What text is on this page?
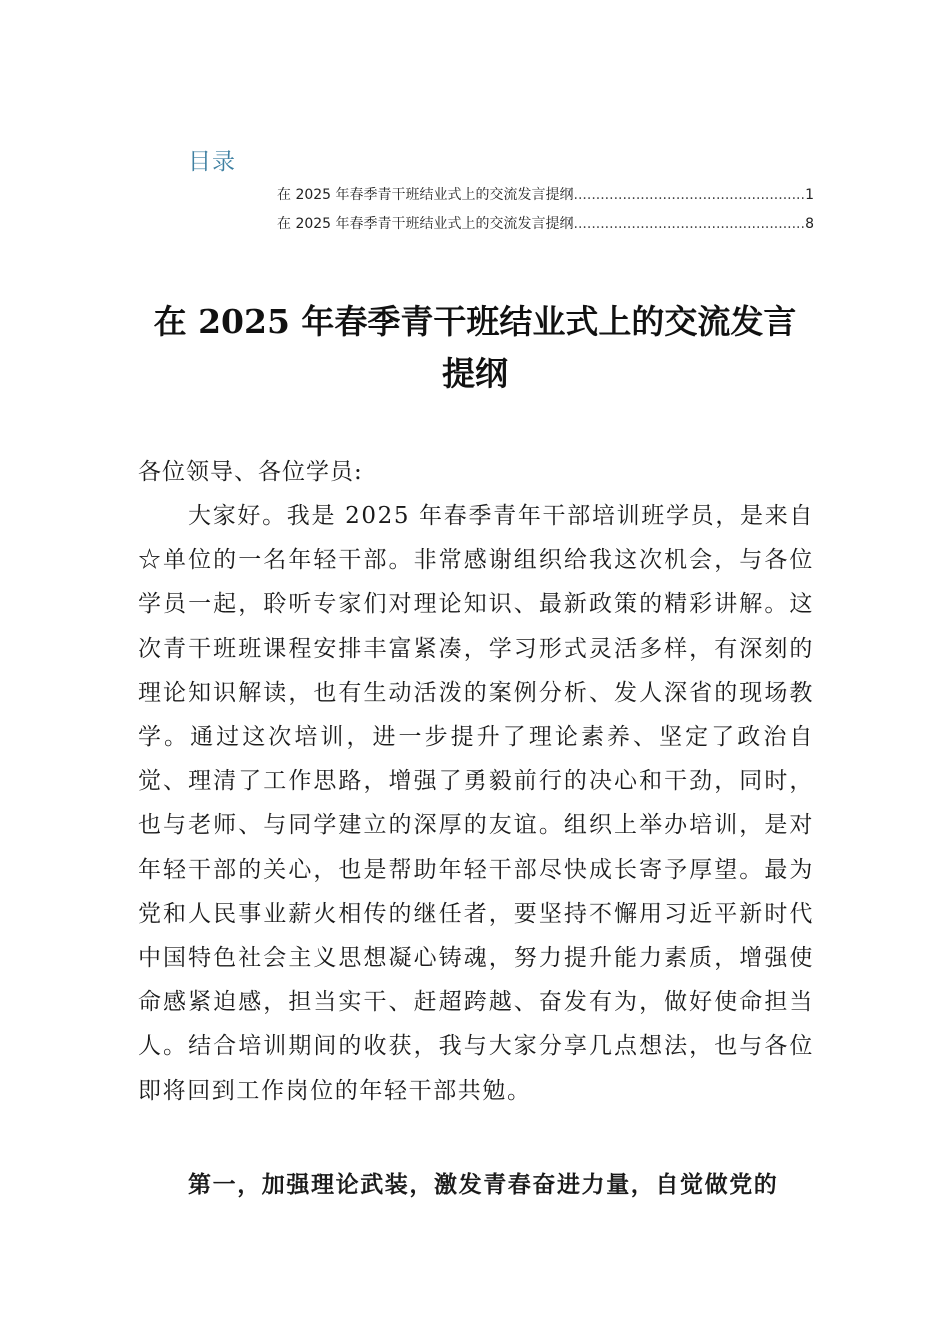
目录
在 2025 年春季青干班结业式上的交流发言提纲 .....	1
在 2025 年春季青干班结业式上的交流发言提纲 .....	8
在 2025 年春季青干班结业式上的交流发言提纲

各位领导、各位学员:

大家好。我是 2025 年春季青年干部培训班学员，是来自☆单位的一名年轻干部。非常感谢组织给我这次机会，与各位学员一起，聆听专家们对理论知识、最新政策的精彩讲解。这次青干班班课程安排丰富紧凑，学习形式灵活多样，有深刻的理论知识解读，也有生动活泼的案例分析、发人深省的现场教学。通过这次培训，进一步提升了理论素养、坚定了政治自觉、理清了工作思路，增强了勇毅前行的决心和干劲，同时，也与老师、与同学建立的深厚的友谊。组织上举办培训，是对年轻干部的关心，也是帮助年轻干部尽快成长寄予厚望。最为党和人民事业薪火相传的继任者，要坚持不懈用习近平新时代中国特色社会主义思想凝心铸魂，努力提升能力素质，增强使命感紧迫感，担当实干、赶超跨越、奋发有为，做好使命担当人。结合培训期间的收获，我与大家分享几点想法，也与各位即将回到工作岗位的年轻干部共勉。

第一，加强理论武装，激发青春奋进力量，自觉做党的
